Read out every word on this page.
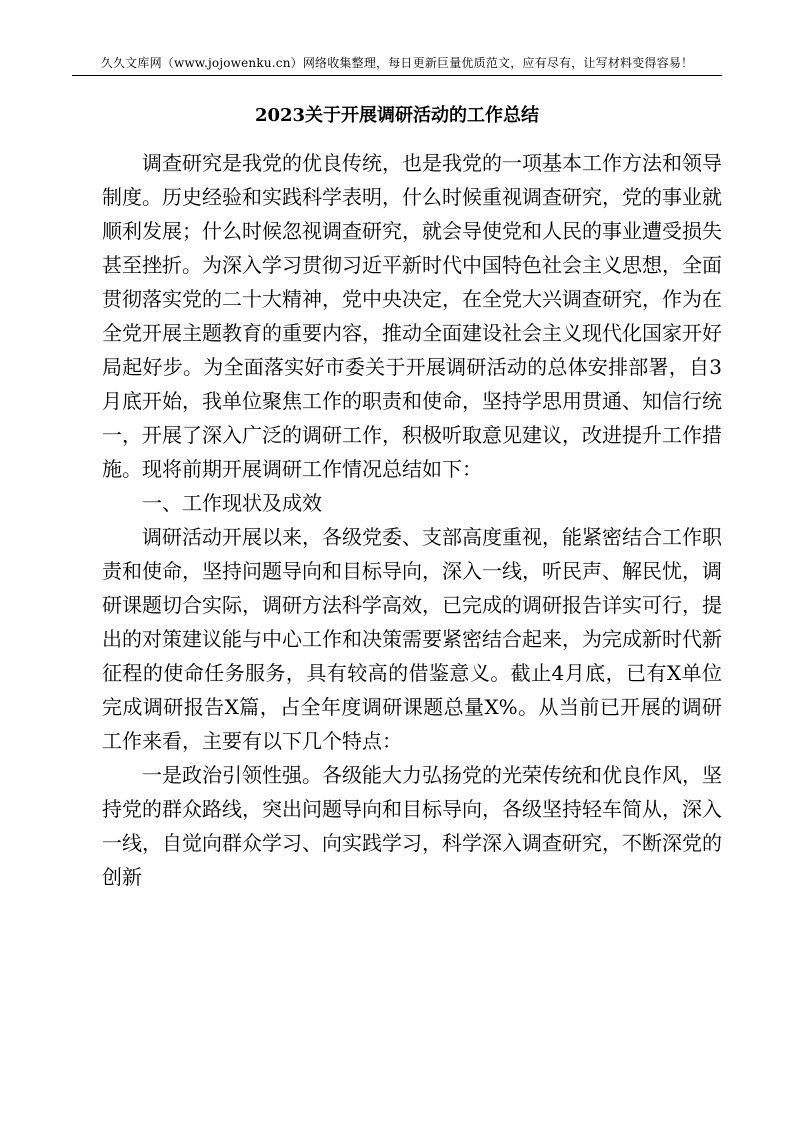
久久文库网（www.jojowenku.cn）网络收集整理，每日更新巨量优质范文，应有尽有，让写材料变得容易！
2023关于开展调研活动的工作总结

调查研究是我党的优良传统，也是我党的一项基本工作方法和领导制度。历史经验和实践科学表明，什么时候重视调查研究，党的事业就顺利发展；什么时候忽视调查研究，就会导使党和人民的事业遭受损失甚至挫折。为深入学习贯彻习近平新时代中国特色社会主义思想，全面贯彻落实党的二十大精神，党中央决定，在全党大兴调查研究，作为在全党开展主题教育的重要内容，推动全面建设社会主义现代化国家开好局起好步。为全面落实好市委关于开展调研活动的总体安排部署，自3月底开始，我单位聚焦工作的职责和使命，坚持学思用贯通、知信行统一，开展了深入广泛的调研工作，积极听取意见建议，改进提升工作措施。现将前期开展调研工作情况总结如下：

一、工作现状及成效

调研活动开展以来，各级党委、支部高度重视，能紧密结合工作职责和使命，坚持问题导向和目标导向，深入一线，听民声、解民忧，调研课题切合实际，调研方法科学高效，已完成的调研报告详实可行，提出的对策建议能与中心工作和决策需要紧密结合起来，为完成新时代新征程的使命任务服务，具有较高的借鉴意义。截止4月底，已有X单位完成调研报告X篇，占全年度调研课题总量X%。从当前已开展的调研工作来看，主要有以下几个特点：

一是政治引领性强。各级能大力弘扬党的光荣传统和优良作风，坚持党的群众路线，突出问题导向和目标导向，各级坚持轻车简从，深入一线，自觉向群众学习、向实践学习，科学深入调查研究，不断深党的创新
